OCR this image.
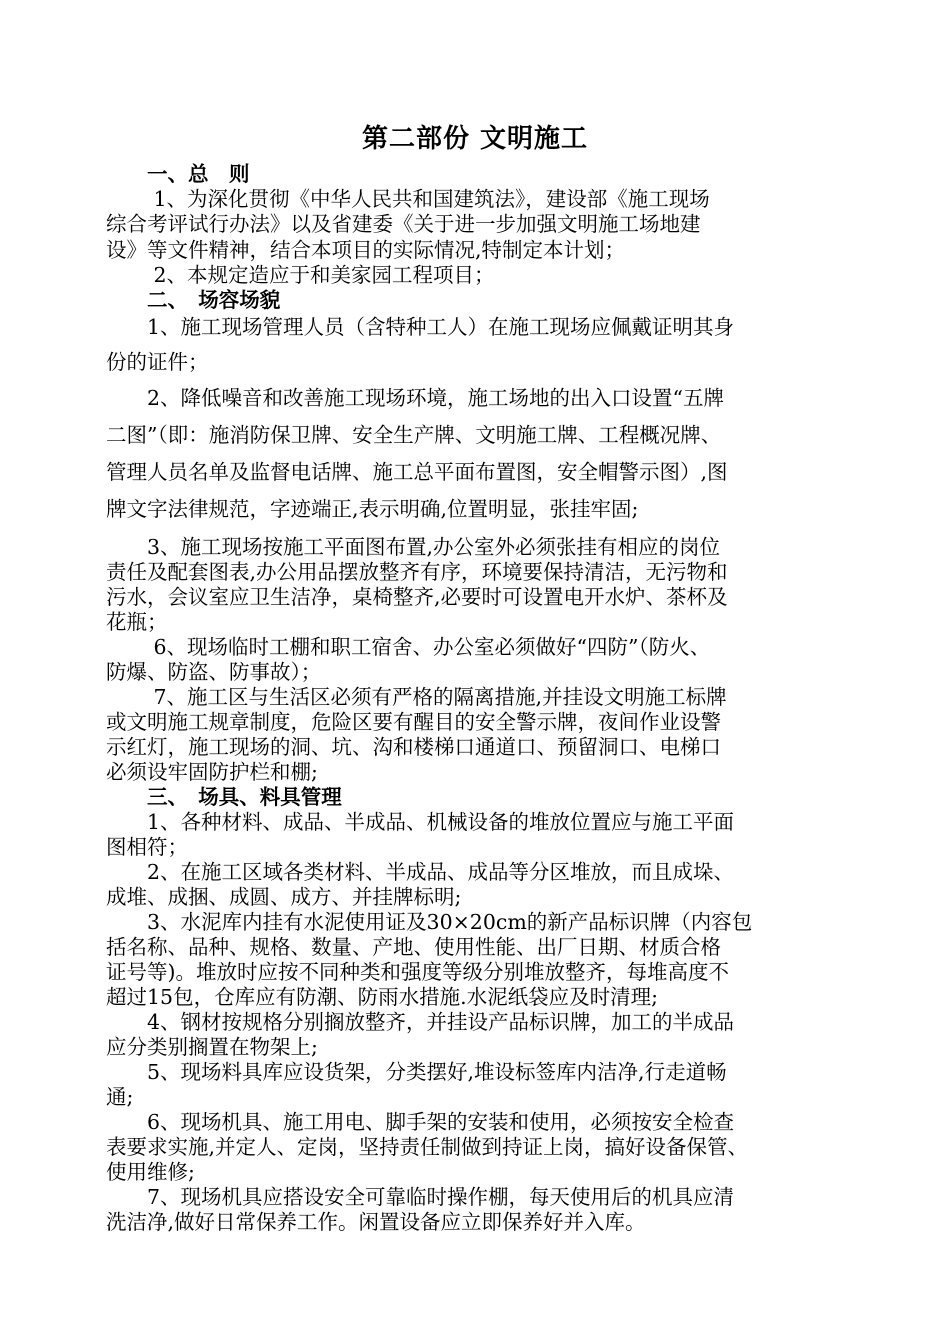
第二部份 文明施工

　　一、总　则

　　 1、为深化贯彻《中华人民共和国建筑法》，建设部《施工现场

综合考评试行办法》以及省建委《关于进一步加强文明施工场地建

设》等文件精神，结合本项目的实际情况,特制定本计划；

　　 2、本规定造应于和美家园工程项目；

　　二、　场容场貌

　　1、施工现场管理人员（含特种工人）在施工现场应佩戴证明其身

份的证件；

　　2、降低噪音和改善施工现场环境，施工场地的出入口设置“五牌

二图”（即：施消防保卫牌、安全生产牌、文明施工牌、工程概况牌、

管理人员名单及监督电话牌、施工总平面布置图，安全帽警示图）,图

牌文字法律规范，字迹端正,表示明确,位置明显，张挂牢固;

　　3、施工现场按施工平面图布置,办公室外必须张挂有相应的岗位

责任及配套图表,办公用品摆放整齐有序，环境要保持清洁，无污物和

污水，会议室应卫生洁净，桌椅整齐,必要时可设置电开水炉、茶杯及

花瓶；

　　 6、现场临时工棚和职工宿舍、办公室必须做好“四防”（防火、

防爆、防盗、防事故）；

　　 7、施工区与生活区必须有严格的隔离措施,并挂设文明施工标牌

或文明施工规章制度，危险区要有醒目的安全警示牌，夜间作业设警

示红灯，施工现场的洞、坑、沟和楼梯口通道口、预留洞口、电梯口

必须设牢固防护栏和棚;

　　三、　场具、料具管理

　　1、各种材料、成品、半成品、机械设备的堆放位置应与施工平面

图相符；

　　2、在施工区域各类材料、半成品、成品等分区堆放，而且成垛、

成堆、成捆、成圆、成方、并挂牌标明;

　　3、水泥库内挂有水泥使用证及30×20cm的新产品标识牌（内容包

括名称、品种、规格、数量、产地、使用性能、出厂日期、材质合格

证号等)。堆放时应按不同种类和强度等级分别堆放整齐，每堆高度不

超过15包，仓库应有防潮、防雨水措施.水泥纸袋应及时清理;

　　4、钢材按规格分别搁放整齐，并挂设产品标识牌，加工的半成品

应分类别搁置在物架上;

　　5、现场料具库应设货架，分类摆好,堆设标签库内洁净,行走道畅

通;

　　6、现场机具、施工用电、脚手架的安装和使用，必须按安全检查

表要求实施,并定人、定岗，坚持责任制做到持证上岗，搞好设备保管、

使用维修;

　　7、现场机具应搭设安全可靠临时操作棚，每天使用后的机具应清

洗洁净,做好日常保养工作。闲置设备应立即保养好并入库。
